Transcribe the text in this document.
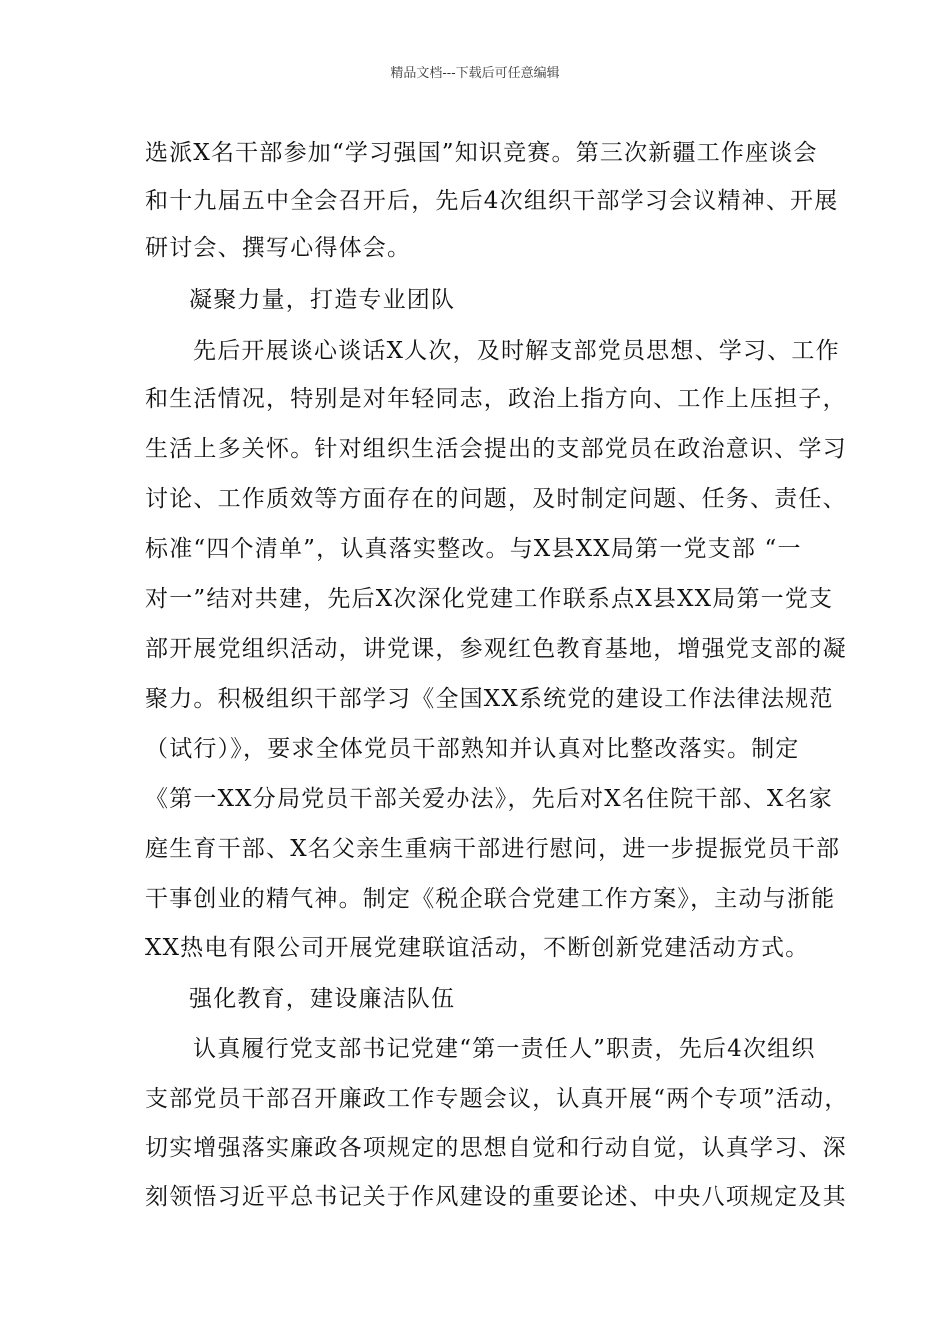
精品文档---下载后可任意编辑
选派X名干部参加“学习强国”知识竞赛。第三次新疆工作座谈会
和十九届五中全会召开后，先后4次组织干部学习会议精神、开展
研讨会、撰写心得体会。
凝聚力量，打造专业团队
先后开展谈心谈话X人次，及时解支部党员思想、学习、工作
和生活情况，特别是对年轻同志，政治上指方向、工作上压担子，
生活上多关怀。针对组织生活会提出的支部党员在政治意识、学习
讨论、工作质效等方面存在的问题，及时制定问题、任务、责任、
标准“四个清单”，认真落实整改。与X县XX局第一党支部 “一
对一”结对共建，先后X次深化党建工作联系点X县XX局第一党支
部开展党组织活动，讲党课，参观红色教育基地，增强党支部的凝
聚力。积极组织干部学习《全国XX系统党的建设工作法律法规范
（试行）》，要求全体党员干部熟知并认真对比整改落实。制定
《第一XX分局党员干部关爱办法》，先后对X名住院干部、X名家
庭生育干部、X名父亲生重病干部进行慰问，进一步提振党员干部
干事创业的精气神。制定《税企联合党建工作方案》，主动与浙能
XX热电有限公司开展党建联谊活动，不断创新党建活动方式。
强化教育，建设廉洁队伍
认真履行党支部书记党建“第一责任人”职责，先后4次组织
支部党员干部召开廉政工作专题会议，认真开展“两个专项”活动，
切实增强落实廉政各项规定的思想自觉和行动自觉，认真学习、深
刻领悟习近平总书记关于作风建设的重要论述、中央八项规定及其
